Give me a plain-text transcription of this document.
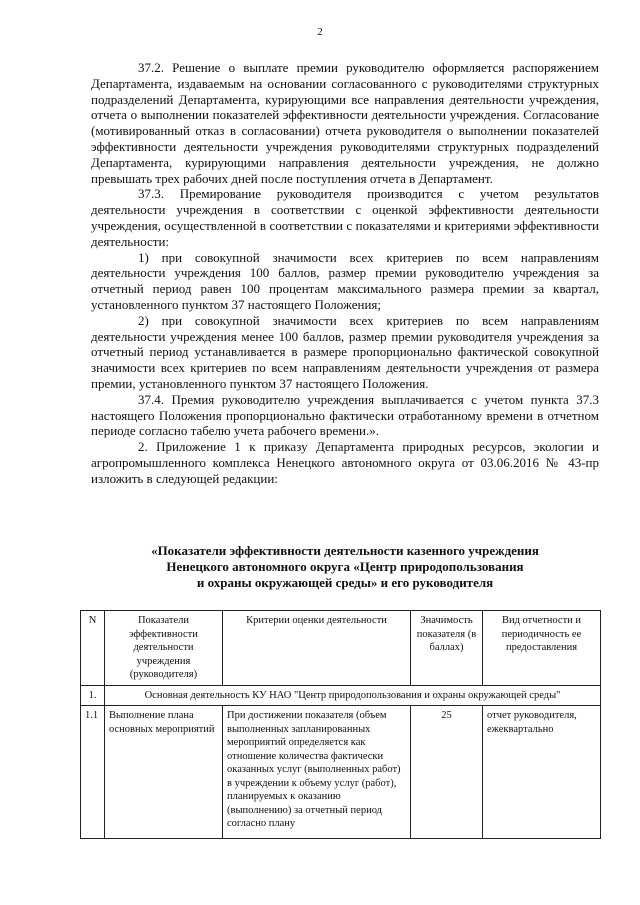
2

37.2. Решение о выплате премии руководителю оформляется распоряжением Департамента, издаваемым на основании согласованного с руководителями структурных подразделений Департамента, курирующими все направления деятельности учреждения, отчета о выполнении показателей эффективности деятельности учреждения. Согласование (мотивированный отказ в согласовании) отчета руководителя о выполнении показателей эффективности деятельности учреждения руководителями структурных подразделений Департамента, курирующими направления деятельности учреждения, не должно превышать трех рабочих дней после поступления отчета в Департамент.

37.3. Премирование руководителя производится с учетом результатов деятельности учреждения в соответствии с оценкой эффективности деятельности учреждения, осуществленной в соответствии с показателями и критериями эффективности деятельности:

1) при совокупной значимости всех критериев по всем направлениям деятельности учреждения 100 баллов, размер премии руководителю учреждения за отчетный период равен 100 процентам максимального размера премии за квартал, установленного пунктом 37 настоящего Положения;

2) при совокупной значимости всех критериев по всем направлениям деятельности учреждения менее 100 баллов, размер премии руководителя учреждения за отчетный период устанавливается в размере пропорционально фактической совокупной значимости всех критериев по всем направлениям деятельности учреждения от размера премии, установленного пунктом 37 настоящего Положения.

37.4. Премия руководителю учреждения выплачивается с учетом пункта 37.3 настоящего Положения пропорционально фактически отработанному времени в отчетном периоде согласно табелю учета рабочего времени.».

2. Приложение 1 к приказу Департамента природных ресурсов, экологии и агропромышленного комплекса Ненецкого автономного округа от 03.06.2016 № 43-пр изложить в следующей редакции:

«Показатели эффективности деятельности казенного учреждения
Ненецкого автономного округа «Центр природопользования
и охраны окружающей среды» и его руководителя
N	Показатели эффективности деятельности учреждения (руководителя)	Критерии оценки деятельности	Значимость показателя (в баллах)	Вид отчетности и периодичность ее предоставления
1.	Основная деятельность КУ НАО "Центр природопользования и охраны окружающей среды"			
1.1	Выполнение плана основных мероприятий	При достижении показателя (объем выполненных запланированных мероприятий определяется как отношение количества фактически оказанных услуг (выполненных работ) в учреждении к объему услуг (работ), планируемых к оказанию (выполнению) за отчетный период согласно плану	25	отчет руководителя, ежеквартально
